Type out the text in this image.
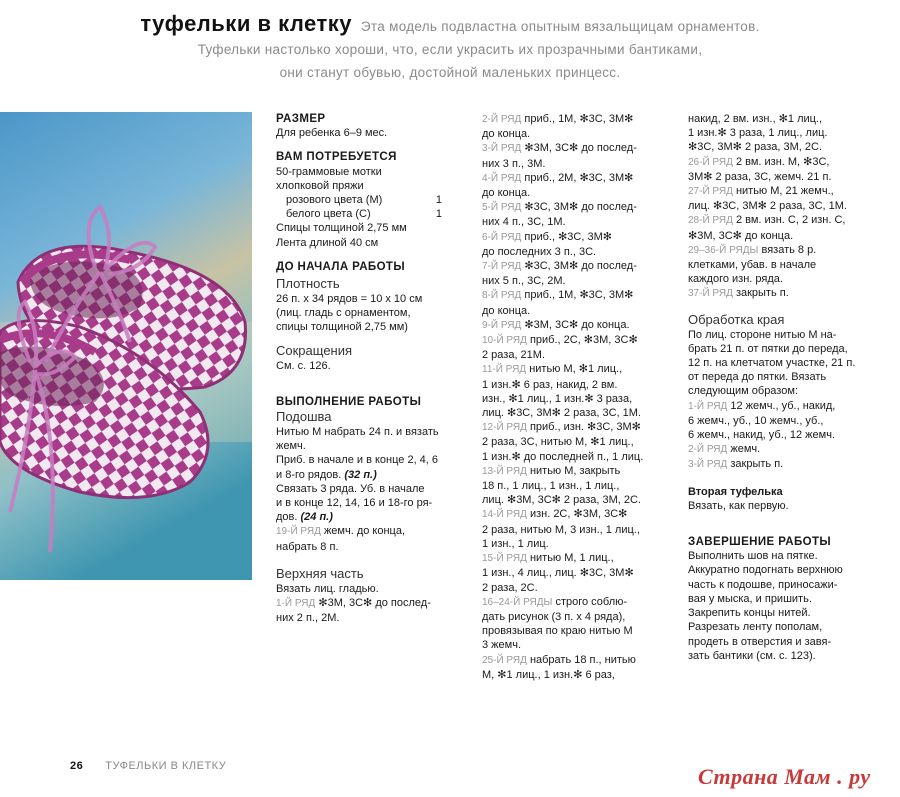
туфельки в клетку Эта модель подвластна опытным вязальщицам орнаментов.
Туфельки настолько хороши, что, если украсить их прозрачными бантиками,
они станут обувью, достойной маленьких принцесс.
РАЗМЕР
Для ребенка 6–9 мес.
ВАМ ПОТРЕБУЕТСЯ
50-граммовые мотки
хлопковой пряжи
розового цвета (М)	1
белого цвета (С)	1
Спицы толщиной 2,75 мм
Лента длиной 40 см
ДО НАЧАЛА РАБОТЫ
Плотность
26 п. х 34 рядов = 10 х 10 см
(лиц. гладь с орнаментом,
спицы толщиной 2,75 мм)
Сокращения
См. с. 126.
ВЫПОЛНЕНИЕ РАБОТЫ
Подошва
Нитью М набрать 24 п. и вязать
жемч.
Приб. в начале и в конце 2, 4, 6
и 8-го рядов. (32 п.)
Связать 3 ряда. Уб. в начале
и в конце 12, 14, 16 и 18-го ря-
дов. (24 п.)
19-Й РЯД жемч. до конца,
набрать 8 п.
Верхняя часть
Вязать лиц. гладью.
1-Й РЯД ✻3М, 3С✻ до послед-
них 2 п., 2М.
2-Й РЯД приб., 1М, ✻3С, 3М✻
до конца.
3-Й РЯД ✻3М, 3С✻ до послед-
них 3 п., 3М.
4-Й РЯД приб., 2М, ✻3С, 3М✻
до конца.
5-Й РЯД ✻3С, 3М✻ до послед-
них 4 п., 3С, 1М.
6-Й РЯД приб., ✻3С, 3М✻
до последних 3 п., 3С.
7-Й РЯД ✻3С, 3М✻ до послед-
них 5 п., 3С, 2М.
8-Й РЯД приб., 1М, ✻3С, 3М✻
до конца.
9-Й РЯД ✻3М, 3С✻ до конца.
10-Й РЯД приб., 2С, ✻3М, 3С✻
2 раза, 21М.
11-Й РЯД нитью М, ✻1 лиц.,
1 изн.✻ 6 раз, накид, 2 вм.
изн., ✻1 лиц., 1 изн.✻ 3 раза,
лиц. ✻3С, 3М✻ 2 раза, 3С, 1М.
12-Й РЯД приб., изн. ✻3С, 3М✻
2 раза, 3С, нитью М, ✻1 лиц.,
1 изн.✻ до последней п., 1 лиц.
13-Й РЯД нитью М, закрыть
18 п., 1 лиц., 1 изн., 1 лиц.,
лиц. ✻3М, 3С✻ 2 раза, 3М, 2С.
14-Й РЯД изн. 2С, ✻3М, 3С✻
2 раза, нитью М, 3 изн., 1 лиц.,
1 изн., 1 лиц.
15-Й РЯД нитью М, 1 лиц.,
1 изн., 4 лиц., лиц. ✻3С, 3М✻
2 раза, 2С.
16–24-Й РЯДЫ строго соблю-
дать рисунок (3 п. х 4 ряда),
провязывая по краю нитью М
3 жемч.
25-Й РЯД набрать 18 п., нитью
М, ✻1 лиц., 1 изн.✻ 6 раз,
накид, 2 вм. изн., ✻1 лиц.,
1 изн.✻ 3 раза, 1 лиц., лиц.
✻3С, 3М✻ 2 раза, 3М, 2С.
26-Й РЯД 2 вм. изн. М, ✻3С,
3М✻ 2 раза, 3С, жемч. 21 п.
27-Й РЯД нитью М, 21 жемч.,
лиц. ✻3С, 3М✻ 2 раза, 3С, 1М.
28-Й РЯД 2 вм. изн. С, 2 изн. С,
✻3М, 3С✻ до конца.
29–36-Й РЯДЫ вязать 8 р.
клетками, убав. в начале
каждого изн. ряда.
37-Й РЯД закрыть п.
Обработка края
По лиц. стороне нитью М на-
брать 21 п. от пятки до переда,
12 п. на клетчатом участке, 21 п.
от переда до пятки. Вязать
следующим образом:
1-Й РЯД 12 жемч., уб., накид,
6 жемч., уб., 10 жемч., уб.,
6 жемч., накид, уб., 12 жемч.
2-Й РЯД жемч.
3-Й РЯД закрыть п.
Вторая туфелька
Вязать, как первую.
ЗАВЕРШЕНИЕ РАБОТЫ
Выполнить шов на пятке.
Аккуратно подогнать верхнюю
часть к подошве, приносажи-
вая у мыска, и пришить.
Закрепить концы нитей.
Разрезать ленту пополам,
продеть в отверстия и завя-
зать бантики (см. с. 123).
26 ТУФЕЛЬКИ В КЛЕТКУ	Страна Мам . ру
